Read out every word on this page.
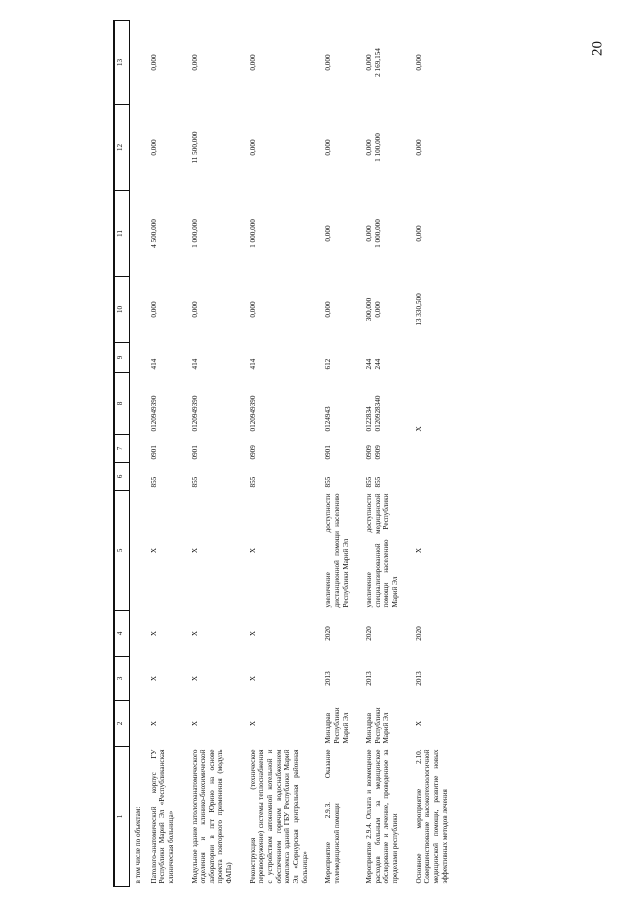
20
1	2	3	4	5	6	7	8	9	10	11	12	13
в том числе по объектам:												
Патолого-анатомический корпус ГУ Республики Марий Эл «Республиканская клиническая больница»	X	X	X	X	855	0901	0120949390	414	0,000	4 500,000	0,000	0,000
Модульное здание патологоанатомического отделения и клинико-биохимической лаборатории в пгт Юрино на основе проекта повторного применения (модуль ФАПа)	X	X	X	X	855	0901	0120949390	414	0,000	1 000,000	11 500,000	0,000
Реконструкция (техническое перевооружение) системы теплоснабжения с устройством автономной котельной и обеспечением горячим водоснабжением комплекса зданий ГБУ Республики Марий Эл «Сернурская центральная районная больница»	X	X	X	X	855	0909	0120949390	414	0,000	1 000,000	0,000	0,000
Мероприятие 2.9.3. Оказание телемедицинской помощи	Минздрав Республики Марий Эл	2013	2020	увеличение доступности дистанционной помощи населению Республики Марий Эл	855	0901	0124943	612	0,000	0,000	0,000	0,000
Мероприятие 2.9.4. Оплата и возмещение расходов больным за медицинское обследование и лечение, проведенное за пределами республики	Минздрав Республики Марий Эл	2013	2020	увеличение доступности специализированной медицинской помощи населению Республики Марий Эл	855 855	0909 0909	0122834 0120928340	244 244	300,000 0,000	0,000 1 000,000	0,000 1 100,000	0,000 2 169,154

Основное мероприятие 2.10. Совершенствование высокотехнологичной медицинской помощи, развитие новых эффективных методов лечения	X	2013	2020	X			X		13 330,500	0,000	0,000	0,000
